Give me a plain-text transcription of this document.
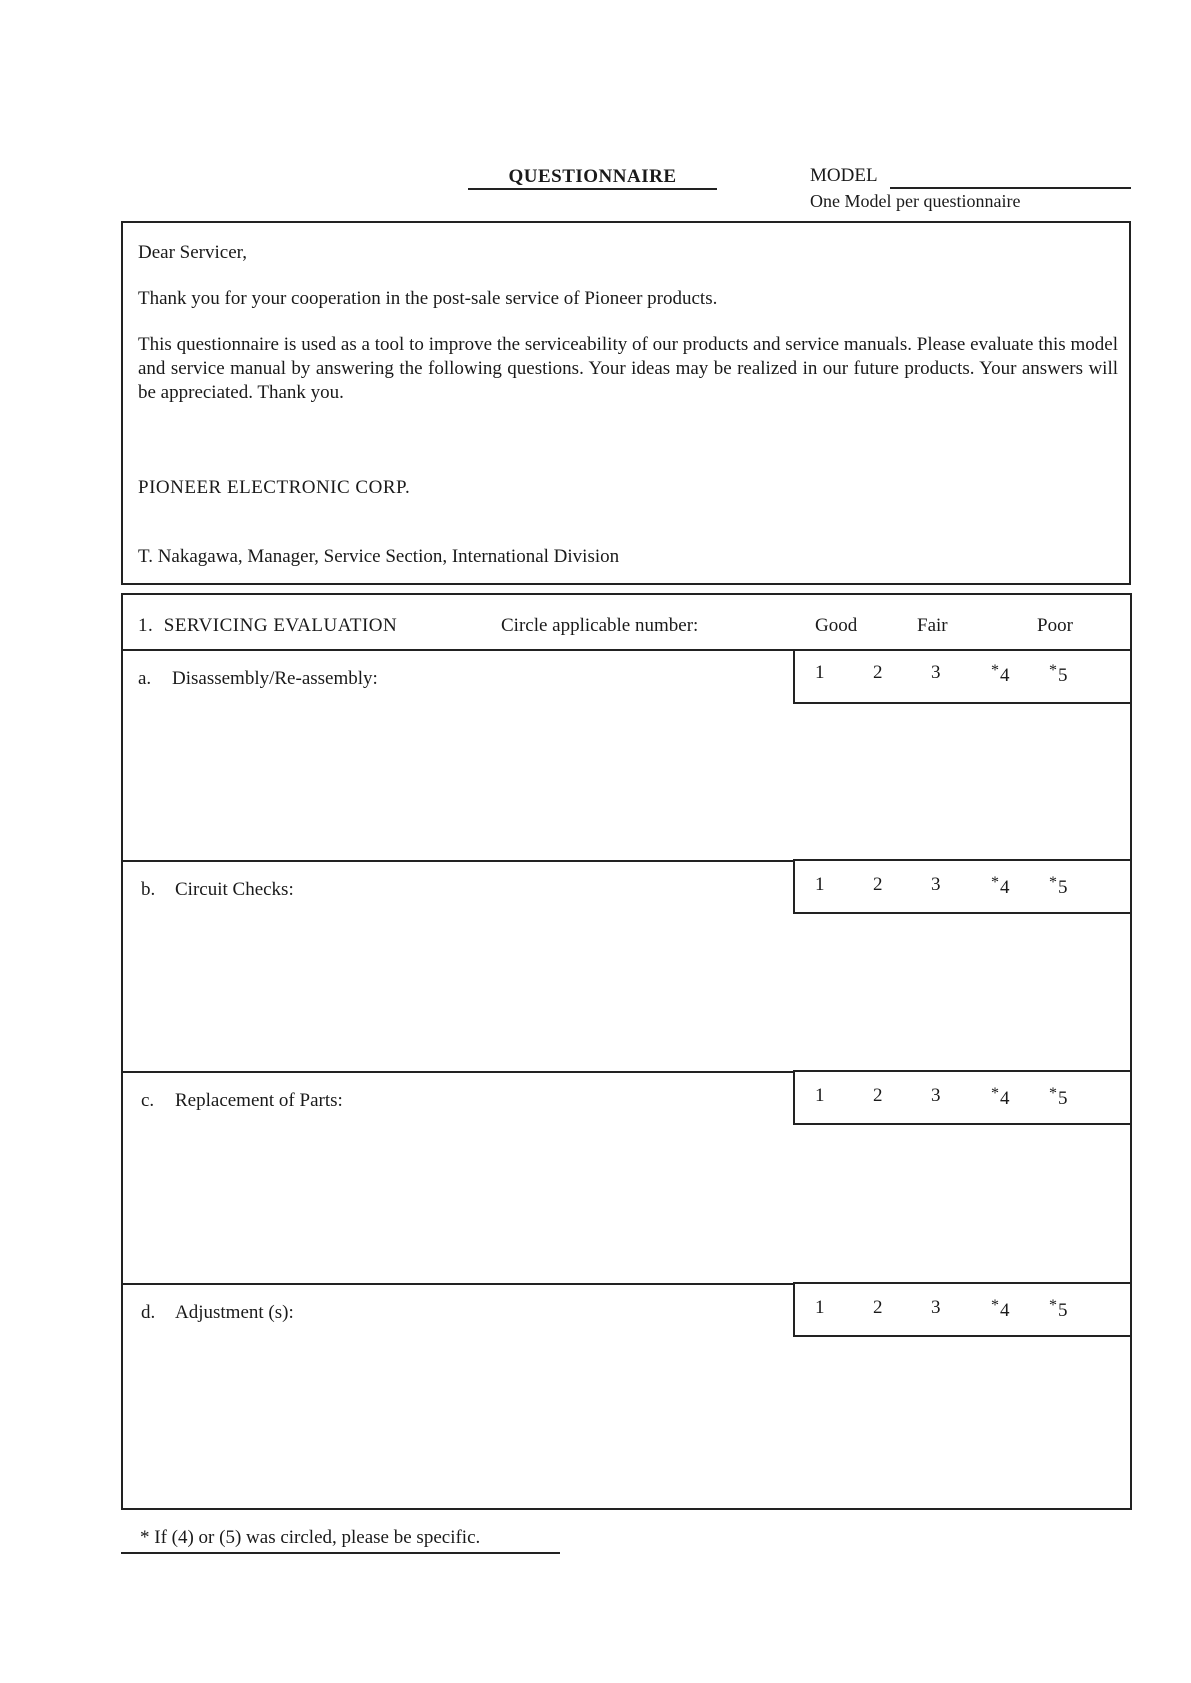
QUESTIONNAIRE	MODEL
One Model per questionnaire

Dear Servicer,

Thank you for your cooperation in the post-sale service of Pioneer products.

This questionnaire is used as a tool to improve the serviceability of our products and service manuals. Please evaluate this model and service manual by answering the following questions. Your ideas may be realized in our future products. Your answers will be appreciated. Thank you.

PIONEER ELECTRONIC CORP.

T. Nakagawa, Manager, Service Section, International Division

1. SERVICING EVALUATION	Circle applicable number:	Good	Fair	Poor
a. Disassembly/Re-assembly:	1	2	3	*4 *5
b. Circuit Checks:	1	2	3	*4 *5
c. Replacement of Parts:	1	2	3	*4 *5
d. Adjustment (s):	1	2	3	*4 *5
* If (4) or (5) was circled, please be specific.
